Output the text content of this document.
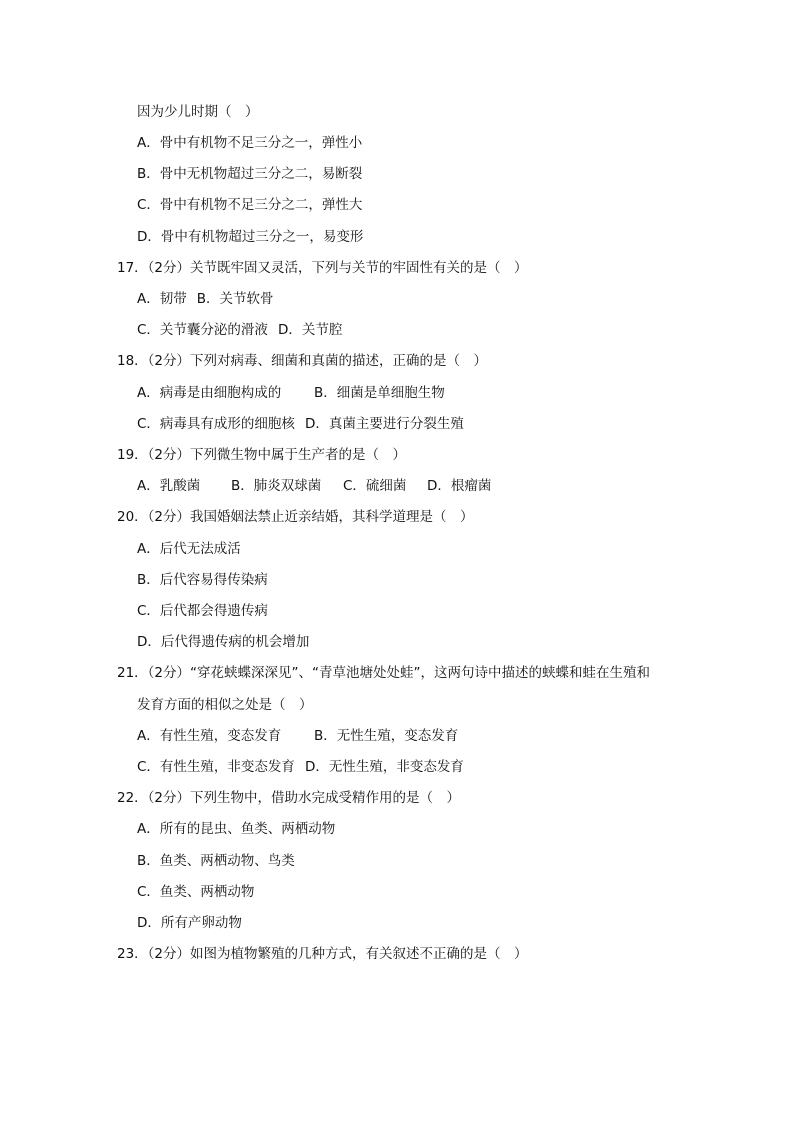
因为少儿时期（　）
A．骨中有机物不足三分之一，弹性小
B．骨中无机物超过三分之二，易断裂
C．骨中有机物不足三分之二，弹性大
D．骨中有机物超过三分之一，易变形
17．（2分）关节既牢固又灵活，下列与关节的牢固性有关的是（　）
A．韧带 B．关节软骨
C．关节囊分泌的滑液 D．关节腔
18．（2分）下列对病毒、细菌和真菌的描述，正确的是（　）
A．病毒是由细胞构成的 B．细菌是单细胞生物
C．病毒具有成形的细胞核 D．真菌主要进行分裂生殖
19．（2分）下列微生物中属于生产者的是（　）
A．乳酸菌 B．肺炎双球菌 C．硫细菌 D．根瘤菌
20．（2分）我国婚姻法禁止近亲结婚，其科学道理是（　）
A．后代无法成活
B．后代容易得传染病
C．后代都会得遗传病
D．后代得遗传病的机会增加
21．（2分）“穿花蛱蝶深深见”、“青草池塘处处蛙”，这两句诗中描述的蛱蝶和蛙在生殖和
发育方面的相似之处是（　）
A．有性生殖，变态发育 B．无性生殖，变态发育
C．有性生殖，非变态发育 D．无性生殖，非变态发育
22．（2分）下列生物中，借助水完成受精作用的是（　）
A．所有的昆虫、鱼类、两栖动物
B．鱼类、两栖动物、鸟类
C．鱼类、两栖动物
D．所有产卵动物
23．（2分）如图为植物繁殖的几种方式，有关叙述不正确的是（　）
